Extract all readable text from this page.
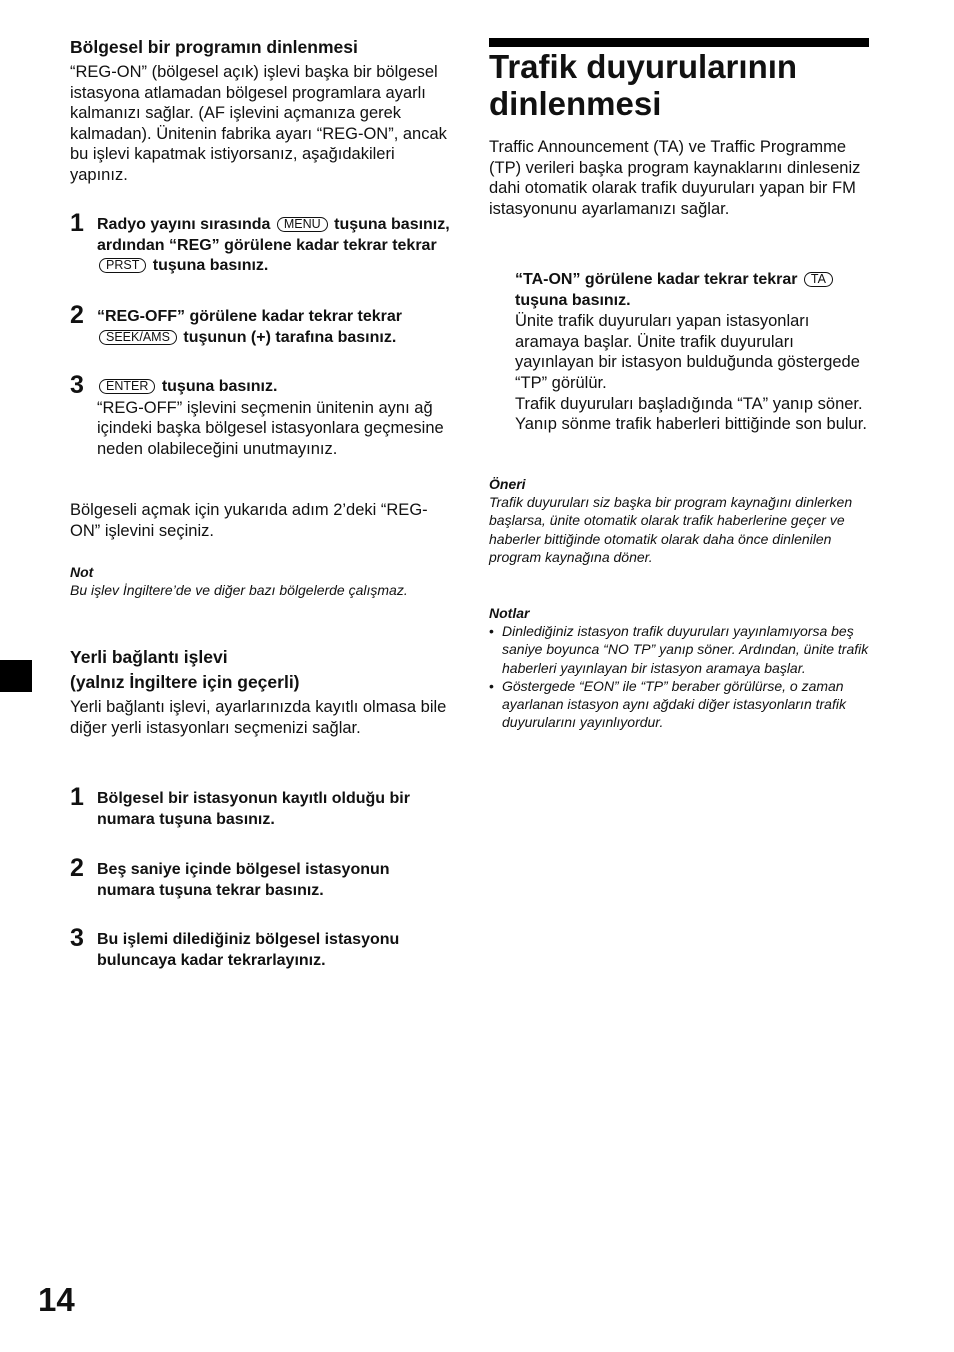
Bölgesel bir programın dinlenmesi

“REG-ON” (bölgesel açık) işlevi başka bir bölgesel istasyona atlamadan bölgesel programlara ayarlı kalmanızı sağlar. (AF işlevini açmanıza gerek kalmadan). Ünitenin fabrika ayarı “REG-ON”, ancak bu işlevi kapatmak istiyorsanız, aşağıdakileri yapınız.

1 Radyo yayını sırasında MENU tuşuna basınız, ardından “REG” görülene kadar tekrar tekrar PRST tuşuna basınız.
2 “REG-OFF” görülene kadar tekrar tekrar SEEK/AMS tuşunun (+) tarafına basınız.
3	ENTER tuşuna basınız.
“REG-OFF” işlevini seçmenin ünitenin aynı ağ içindeki başka bölgesel istasyonlara geçmesine neden olabileceğini unutmayınız.

Bölgeseli açmak için yukarıda adım 2’deki “REG-ON” işlevini seçiniz.

Not

Bu işlev İngiltere’de ve diğer bazı bölgelerde çalışmaz.

Yerli bağlantı işlevi
(yalnız İngiltere için geçerli)

Yerli bağlantı işlevi, ayarlarınızda kayıtlı olmasa bile diğer yerli istasyonları seçmenizi sağlar.

1 Bölgesel bir istasyonun kayıtlı olduğu bir numara tuşuna basınız.
2 Beş saniye içinde bölgesel istasyonun numara tuşuna tekrar basınız.
3 Bu işlemi dilediğiniz bölgesel istasyonu buluncaya kadar tekrarlayınız.
Trafik duyurularının dinlenmesi

Traffic Announcement (TA) ve Traffic Programme (TP) verileri başka program kaynaklarını dinleseniz dahi otomatik olarak trafik duyuruları yapan bir FM istasyonunu ayarlamanızı sağlar.

“TA-ON” görülene kadar tekrar tekrar TA tuşuna basınız.
Ünite trafik duyuruları yapan istasyonları aramaya başlar. Ünite trafik duyuruları yayınlayan bir istasyon bulduğunda göstergede “TP” görülür.
Trafik duyuruları başladığında “TA” yanıp söner. Yanıp sönme trafik haberleri bittiğinde son bulur.

Öneri

Trafik duyuruları siz başka bir program kaynağını dinlerken başlarsa, ünite otomatik olarak trafik haberlerine geçer ve haberler bittiğinde otomatik olarak daha önce dinlenilen program kaynağına döner.

Notlar

• Dinlediğiniz istasyon trafik duyuruları yayınlamıyorsa beş saniye boyunca “NO TP” yanıp söner. Ardından, ünite trafik haberleri yayınlayan bir istasyon aramaya başlar.
• Göstergede “EON” ile “TP” beraber görülürse, o zaman ayarlanan istasyon aynı ağdaki diğer istasyonların trafik duyurularını yayınlıyordur.

14
